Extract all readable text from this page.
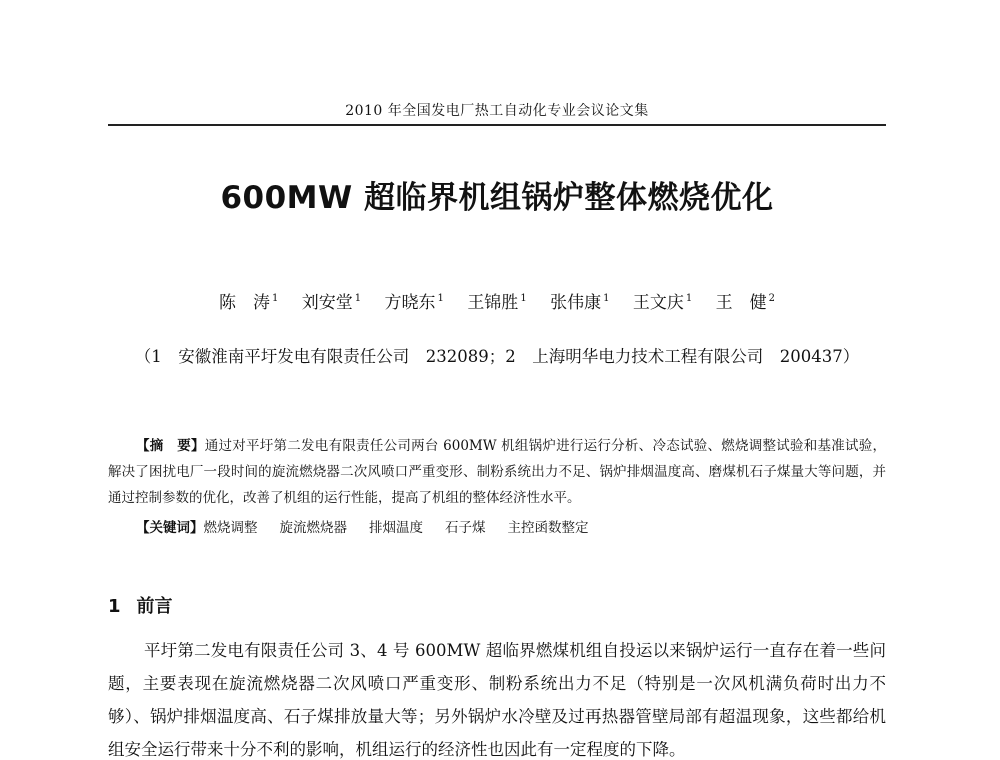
2010 年全国发电厂热工自动化专业会议论文集
600MW 超临界机组锅炉整体燃烧优化
陈　涛 $^1$ 刘安堂 $^1$ 方晓东 $^1$ 王锦胜 $^1$ 张伟康 $^1$ 王文庆 $^1$ 王　健 $^2$
（1　安徽淮南平圩发电有限责任公司　232089；2　上海明华电力技术工程有限公司　200437）
【摘　要】通过对平圩第二发电有限责任公司两台 600MW 机组锅炉进行运行分析、冷态试验、燃烧调整试验和基准试验，解决了困扰电厂一段时间的旋流燃烧器二次风喷口严重变形、制粉系统出力不足、锅炉排烟温度高、磨煤机石子煤量大等问题，并通过控制参数的优化，改善了机组的运行性能，提高了机组的整体经济性水平。
【关键词】燃烧调整 旋流燃烧器 排烟温度 石子煤 主控函数整定
1 前言
平圩第二发电有限责任公司 3、4 号 600MW 超临界燃煤机组自投运以来锅炉运行一直存在着一些问题，主要表现在旋流燃烧器二次风喷口严重变形、制粉系统出力不足（特别是一次风机满负荷时出力不够）、锅炉排烟温度高、石子煤排放量大等；另外锅炉水冷壁及过再热器管壁局部有超温现象，这些都给机组安全运行带来十分不利的影响，机组运行的经济性也因此有一定程度的下降。
